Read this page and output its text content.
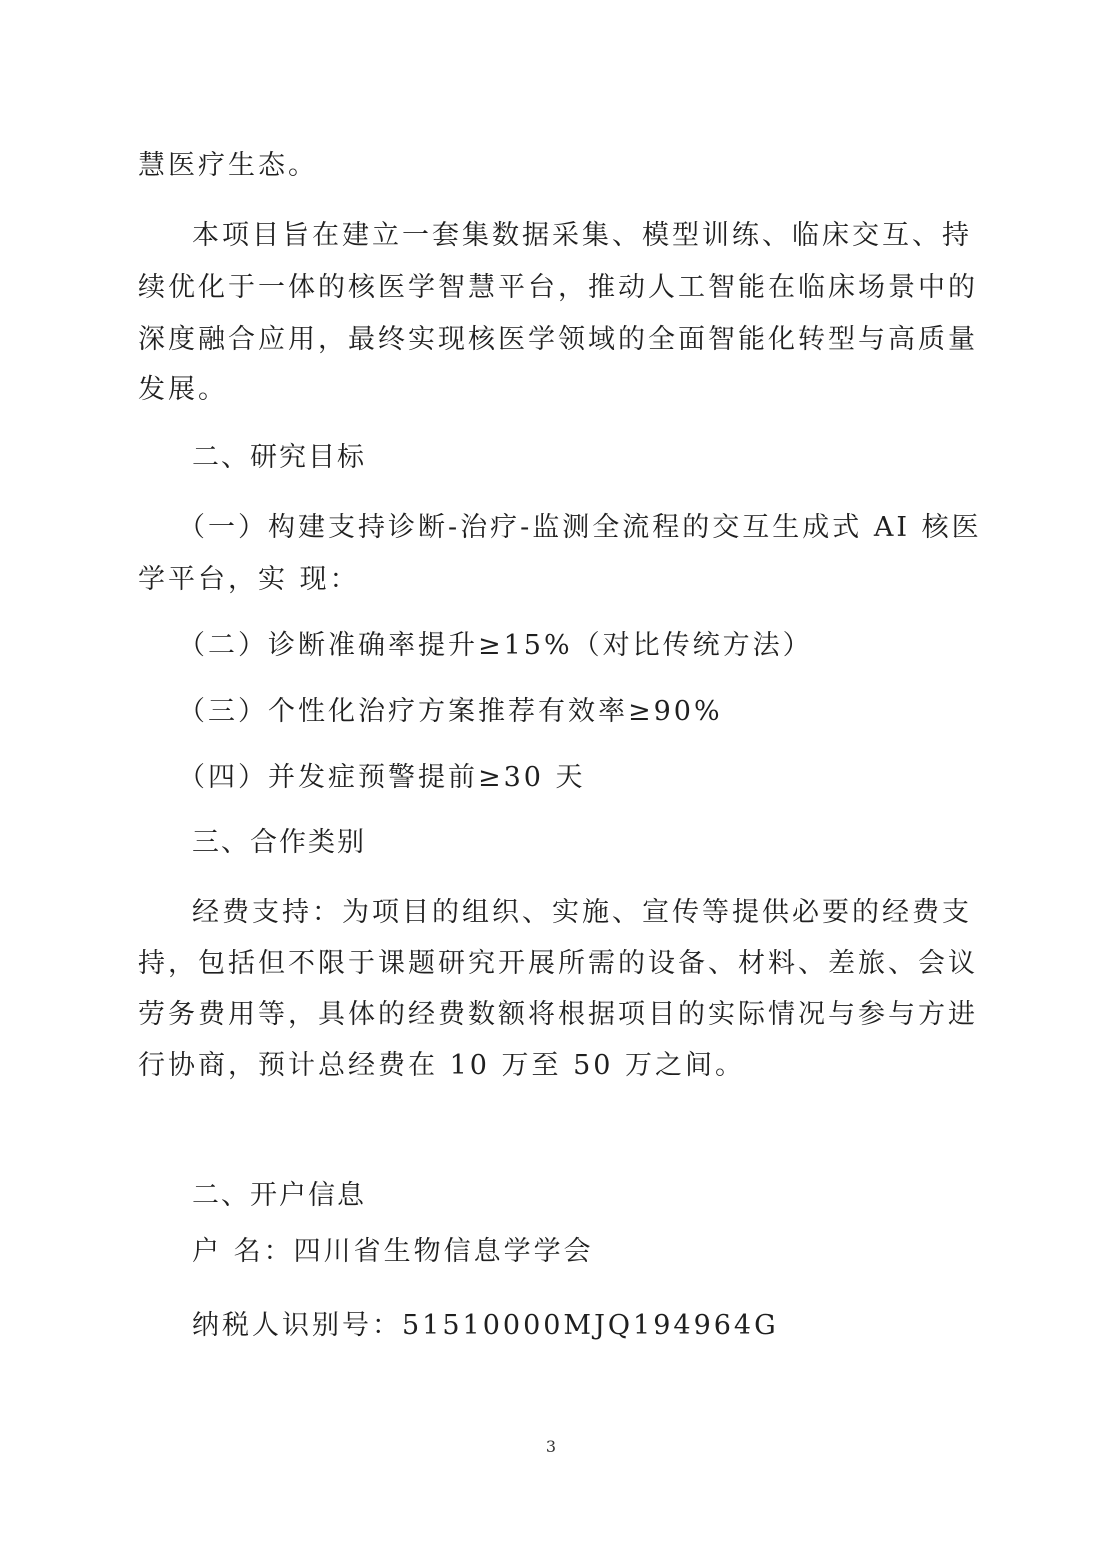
慧医疗生态。
本项目旨在建立一套集数据采集、模型训练、临床交互、持
续优化于一体的核医学智慧平台，推动人工智能在临床场景中的
深度融合应用，最终实现核医学领域的全面智能化转型与高质量
发展。
二、研究目标
（一）构建支持诊断-治疗-监测全流程的交互生成式 AI 核医
学平台，实 现：
（二）诊断准确率提升≥15%（对比传统方法）
（三）个性化治疗方案推荐有效率≥90%
（四）并发症预警提前≥30 天
三、合作类别
经费支持：为项目的组织、实施、宣传等提供必要的经费支
持，包括但不限于课题研究开展所需的设备、材料、差旅、会议
劳务费用等，具体的经费数额将根据项目的实际情况与参与方进
行协商，预计总经费在 10 万至 50 万之间。
二、开户信息
户 名：四川省生物信息学学会
纳税人识别号：51510000MJQ194964G
3
